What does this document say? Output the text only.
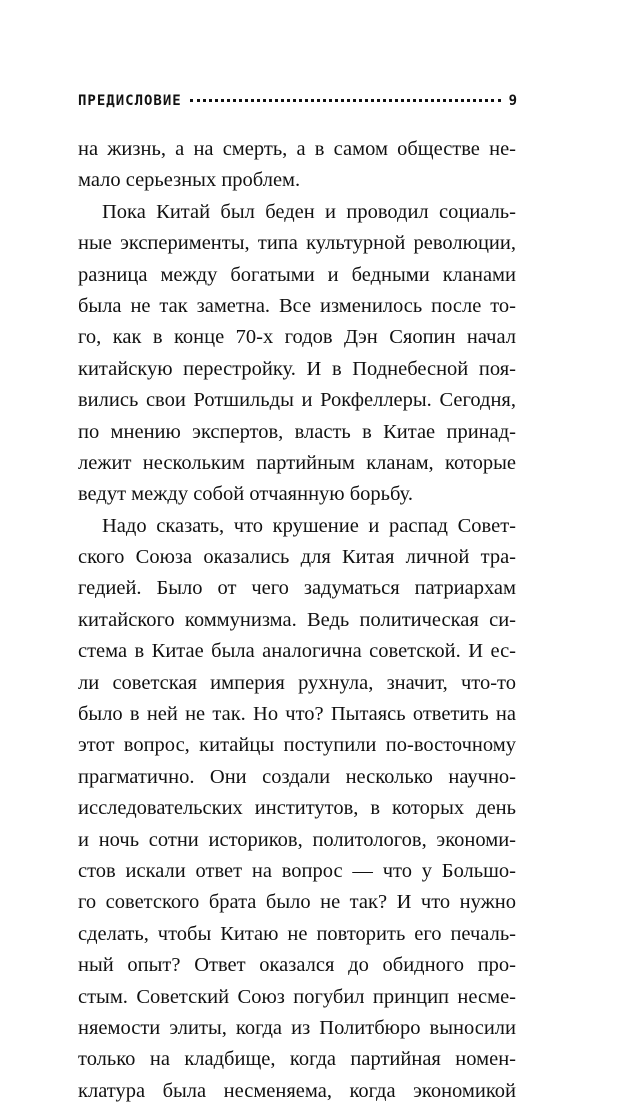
ПРЕДИСЛОВИЕ	9
на жизнь, а на смерть, а в самом обществе не-
мало серьезных проблем.
Пока Китай был беден и проводил социаль-
ные эксперименты, типа культурной революции,
разница между богатыми и бедными кланами
была не так заметна. Все изменилось после то-
го, как в конце 70-х годов Дэн Сяопин начал
китайскую перестройку. И в Поднебесной поя-
вились свои Ротшильды и Рокфеллеры. Сегодня,
по мнению экспертов, власть в Китае принад-
лежит нескольким партийным кланам, которые
ведут между собой отчаянную борьбу.
Надо сказать, что крушение и распад Совет-
ского Союза оказались для Китая личной тра-
гедией. Было от чего задуматься патриархам
китайского коммунизма. Ведь политическая си-
стема в Китае была аналогична советской. И ес-
ли советская империя рухнула, значит, что-то
было в ней не так. Но что? Пытаясь ответить на
этот вопрос, китайцы поступили по-восточному
прагматично. Они создали несколько научно-
исследовательских институтов, в которых день
и ночь сотни историков, политологов, экономи-
стов искали ответ на вопрос — что у Большо-
го советского брата было не так? И что нужно
сделать, чтобы Китаю не повторить его печаль-
ный опыт? Ответ оказался до обидного про-
стым. Советский Союз погубил принцип несме-
няемости элиты, когда из Политбюро выносили
только на кладбище, когда партийная номен-
клатура была несменяема, когда экономикой
